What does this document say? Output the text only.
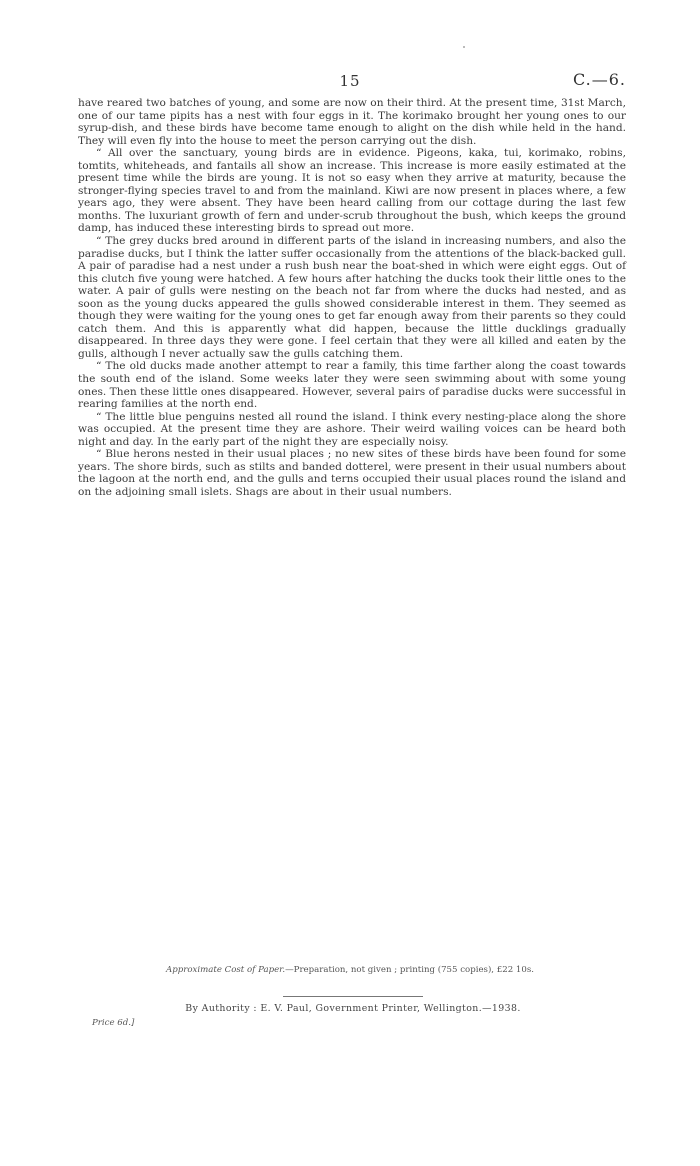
15	C.—6.

have reared two batches of young, and some are now on their third. At the present time, 31st March, one of our tame pipits has a nest with four eggs in it. The korimako brought her young ones to our syrup-dish, and these birds have become tame enough to alight on the dish while held in the hand. They will even fly into the house to meet the person carrying out the dish.

“ All over the sanctuary, young birds are in evidence. Pigeons, kaka, tui, korimako, robins, tomtits, whiteheads, and fantails all show an increase. This increase is more easily estimated at the present time while the birds are young. It is not so easy when they arrive at maturity, because the stronger-flying species travel to and from the mainland. Kiwi are now present in places where, a few years ago, they were absent. They have been heard calling from our cottage during the last few months. The luxuriant growth of fern and under-scrub throughout the bush, which keeps the ground damp, has induced these interesting birds to spread out more.

“ The grey ducks bred around in different parts of the island in increasing numbers, and also the paradise ducks, but I think the latter suffer occasionally from the attentions of the black-backed gull. A pair of paradise had a nest under a rush bush near the boat-shed in which were eight eggs. Out of this clutch five young were hatched. A few hours after hatching the ducks took their little ones to the water. A pair of gulls were nesting on the beach not far from where the ducks had nested, and as soon as the young ducks appeared the gulls showed considerable interest in them. They seemed as though they were waiting for the young ones to get far enough away from their parents so they could catch them. And this is apparently what did happen, because the little ducklings gradually disappeared. In three days they were gone. I feel certain that they were all killed and eaten by the gulls, although I never actually saw the gulls catching them.

“ The old ducks made another attempt to rear a family, this time farther along the coast towards the south end of the island. Some weeks later they were seen swimming about with some young ones. Then these little ones disappeared. However, several pairs of paradise ducks were successful in rearing families at the north end.

“ The little blue penguins nested all round the island. I think every nesting-place along the shore was occupied. At the present time they are ashore. Their weird wailing voices can be heard both night and day. In the early part of the night they are especially noisy.

“ Blue herons nested in their usual places ; no new sites of these birds have been found for some years. The shore birds, such as stilts and banded dotterel, were present in their usual numbers about the lagoon at the north end, and the gulls and terns occupied their usual places round the island and on the adjoining small islets. Shags are about in their usual numbers.

Approximate Cost of Paper.—Preparation, not given ; printing (755 copies), £22 10s.
By Authority : E. V. Paul, Government Printer, Wellington.—1938.
Price 6d.]
